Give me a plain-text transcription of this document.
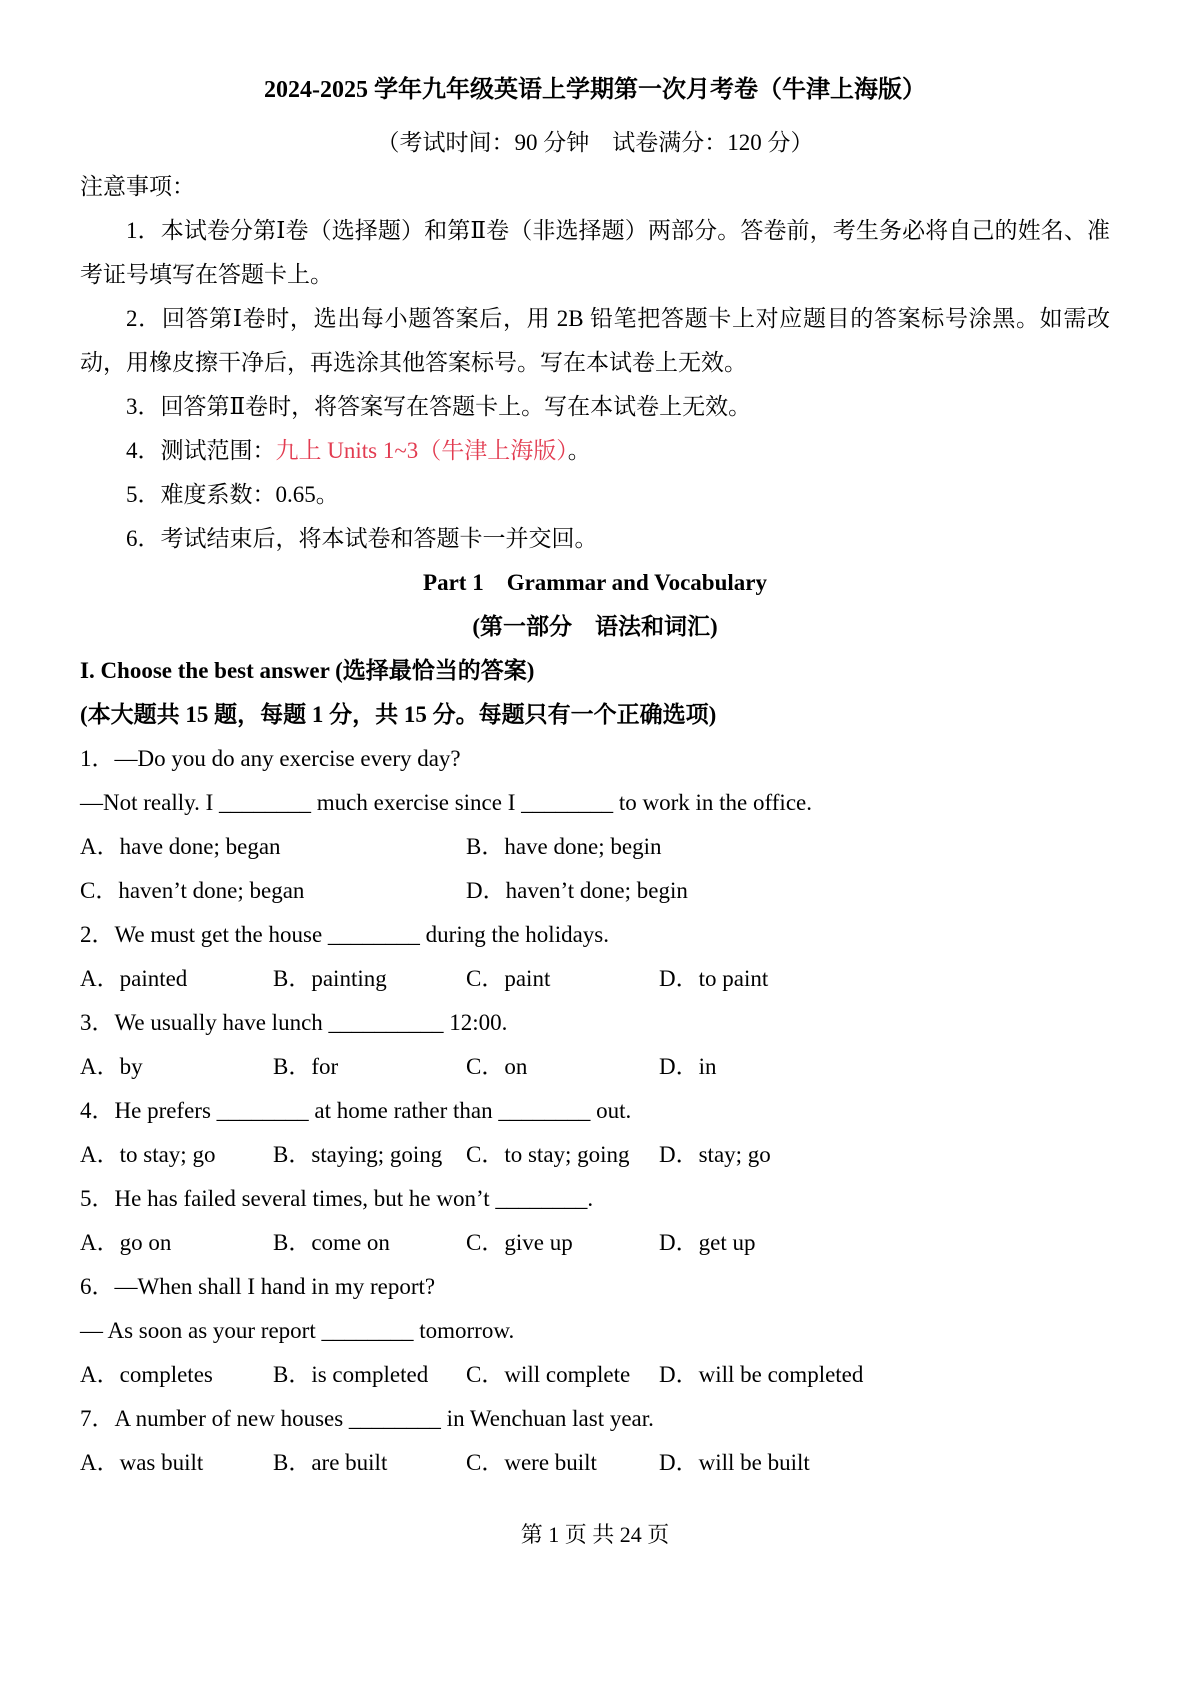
2024-2025 学年九年级英语上学期第一次月考卷（牛津上海版）

（考试时间：90 分钟　试卷满分：120 分）

注意事项：

1．本试卷分第Ⅰ卷（选择题）和第Ⅱ卷（非选择题）两部分。答卷前，考生务必将自己的姓名、准考证号填写在答题卡上。

2．回答第Ⅰ卷时，选出每小题答案后，用 2B 铅笔把答题卡上对应题目的答案标号涂黑。如需改动，用橡皮擦干净后，再选涂其他答案标号。写在本试卷上无效。

3．回答第Ⅱ卷时，将答案写在答题卡上。写在本试卷上无效。

4．测试范围：九上 Units 1~3（牛津上海版）。

5．难度系数：0.65。

6．考试结束后，将本试卷和答题卡一并交回。

Part 1　Grammar and Vocabulary

(第一部分　语法和词汇)

I. Choose the best answer (选择最恰当的答案)

(本大题共 15 题，每题 1 分，共 15 分。每题只有一个正确选项)

1．—Do you do any exercise every day?
—Not really. I ________ much exercise since I ________ to work in the office.
A．have done; began	B．have done; begin
C．haven’t done; began	D．haven’t done; begin
2．We must get the house ________ during the holidays.
A．painted	B．painting	C．paint	D．to paint
3．We usually have lunch __________ 12:00.
A．by	B．for	C．on	D．in
4．He prefers ________ at home rather than ________ out.
A．to stay; go	B．staying; going	C．to stay; going	D．stay; go
5．He has failed several times, but he won’t ________.
A．go on	B．come on	C．give up	D．get up
6．—When shall I hand in my report?
— As soon as your report ________ tomorrow.
A．completes	B．is completed	C．will complete	D．will be completed
7．A number of new houses ________ in Wenchuan last year.
A．was built	B．are built	C．were built	D．will be built
第 1 页 共 24 页
